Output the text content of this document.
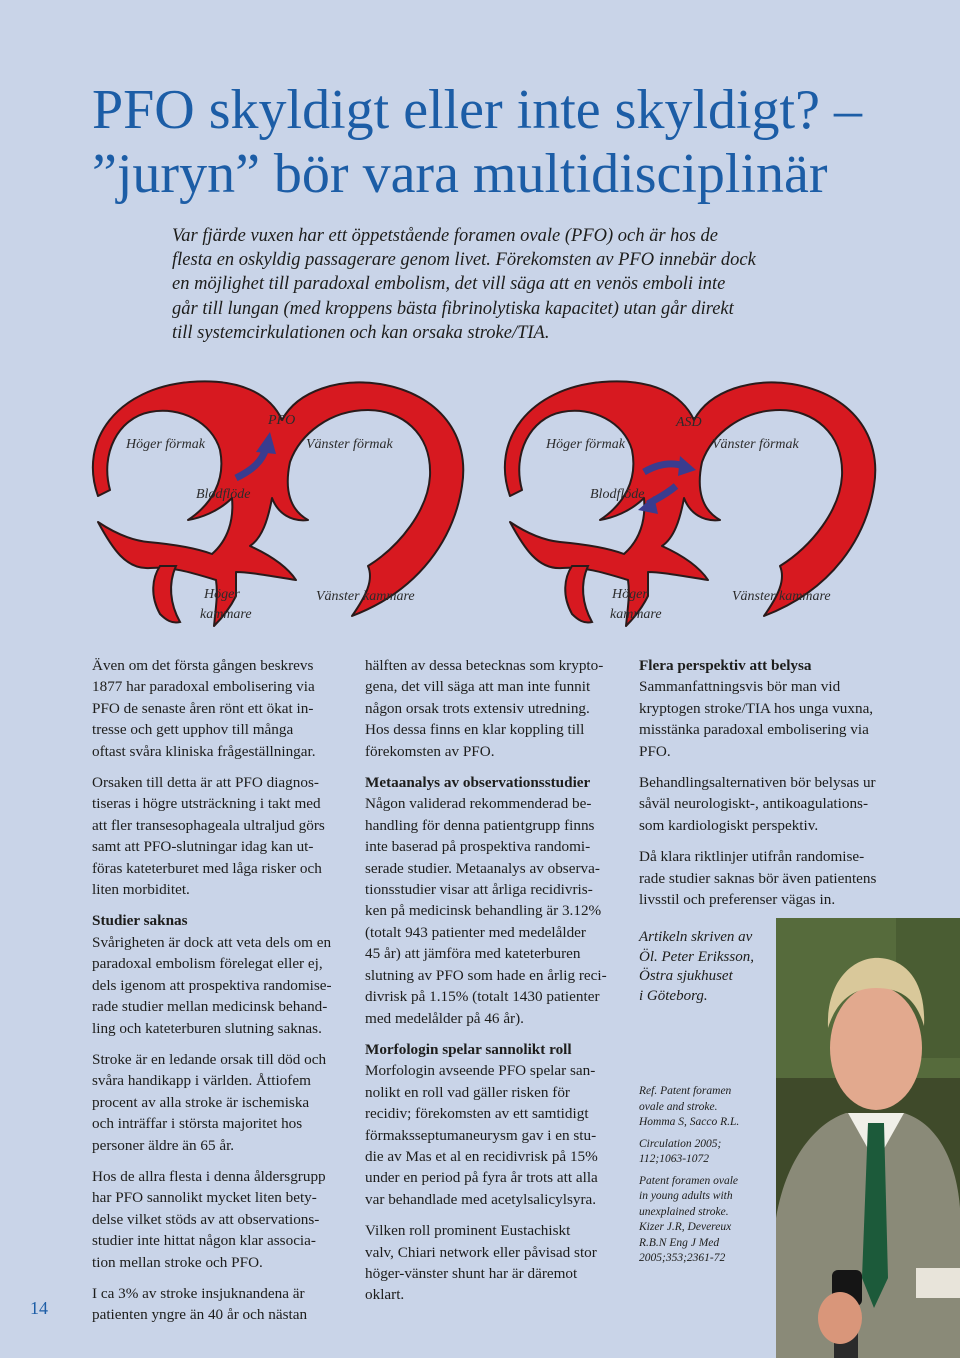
PFO skyldigt eller inte skyldigt? –
”juryn” bör vara multidisciplinär

Var fjärde vuxen har ett öppetstående foramen ovale (PFO) och är hos de
flesta en oskyldig passagerare genom livet. Förekomsten av PFO innebär dock
en möjlighet till paradoxal embolism, det vill säga att en venös emboli inte
går till lungan (med kroppens bästa fibrinolytiska kapacitet) utan går direkt
till systemcirkulationen och kan orsaka stroke/TIA.

PFO
Höger förmak	Vänster förmak
Blodflöde
Höger
kammare
Vänster kammare
ASD
Höger förmak	Vänster förmak
Blodflöde
Höger
kammare
Vänster kammare

Även om det första gången beskrevs
1877 har paradoxal embolisering via
PFO de senaste åren rönt ett ökat in-
tresse och gett upphov till många
oftast svåra kliniska frågeställningar.

Orsaken till detta är att PFO diagnos-
tiseras i högre utsträckning i takt med
att fler transesophageala ultraljud görs
samt att PFO-slutningar idag kan ut-
föras kateterburet med låga risker och
liten morbiditet.

Studier saknas

Svårigheten är dock att veta dels om en
paradoxal embolism förelegat eller ej,
dels igenom att prospektiva randomise-
rade studier mellan medicinsk behand-
ling och kateterburen slutning saknas.

Stroke är en ledande orsak till död och
svåra handikapp i världen. Åttiofem
procent av alla stroke är ischemiska
och inträffar i största majoritet hos
personer äldre än 65 år.

Hos de allra flesta i denna åldersgrupp
har PFO sannolikt mycket liten bety-
delse vilket stöds av att observations-
studier inte hittat någon klar associa-
tion mellan stroke och PFO.

I ca 3% av stroke insjuknandena är
patienten yngre än 40 år och nästan

hälften av dessa betecknas som krypto-
gena, det vill säga att man inte funnit
någon orsak trots extensiv utredning.
Hos dessa finns en klar koppling till
förekomsten av PFO.

Metaanalys av observationsstudier

Någon validerad rekommenderad be-
handling för denna patientgrupp finns
inte baserad på prospektiva randomi-
serade studier. Metaanalys av observa-
tionsstudier visar att årliga recidivris-
ken på medicinsk behandling är 3.12%
(totalt 943 patienter med medelålder
45 år) att jämföra med kateterburen
slutning av PFO som hade en årlig reci-
divrisk på 1.15% (totalt 1430 patienter
med medelålder på 46 år).

Morfologin spelar sannolikt roll

Morfologin avseende PFO spelar san-
nolikt en roll vad gäller risken för
recidiv; förekomsten av ett samtidigt
förmaksseptumaneurysm gav i en stu-
die av Mas et al en recidivrisk på 15%
under en period på fyra år trots att alla
var behandlade med acetylsalicylsyra.

Vilken roll prominent Eustachiskt
valv, Chiari network eller påvisad stor
höger-vänster shunt har är däremot
oklart.

Flera perspektiv att belysa

Sammanfattningsvis bör man vid
kryptogen stroke/TIA hos unga vuxna,
misstänka paradoxal embolisering via
PFO.

Behandlingsalternativen bör belysas ur
såväl neurologiskt-, antikoagulations-
som kardiologiskt perspektiv.

Då klara riktlinjer utifrån randomise-
rade studier saknas bör även patientens
livsstil och preferenser vägas in.

Artikeln skriven av
Öl. Peter Eriksson,
Östra sjukhuset
i Göteborg.

Ref. Patent foramen
ovale and stroke.
Homma S, Sacco R.L.

Circulation 2005;
112;1063-1072

Patent foramen ovale
in young adults with
unexplained stroke.
Kizer J.R, Devereux
R.B.N Eng J Med
2005;353;2361-72

14
